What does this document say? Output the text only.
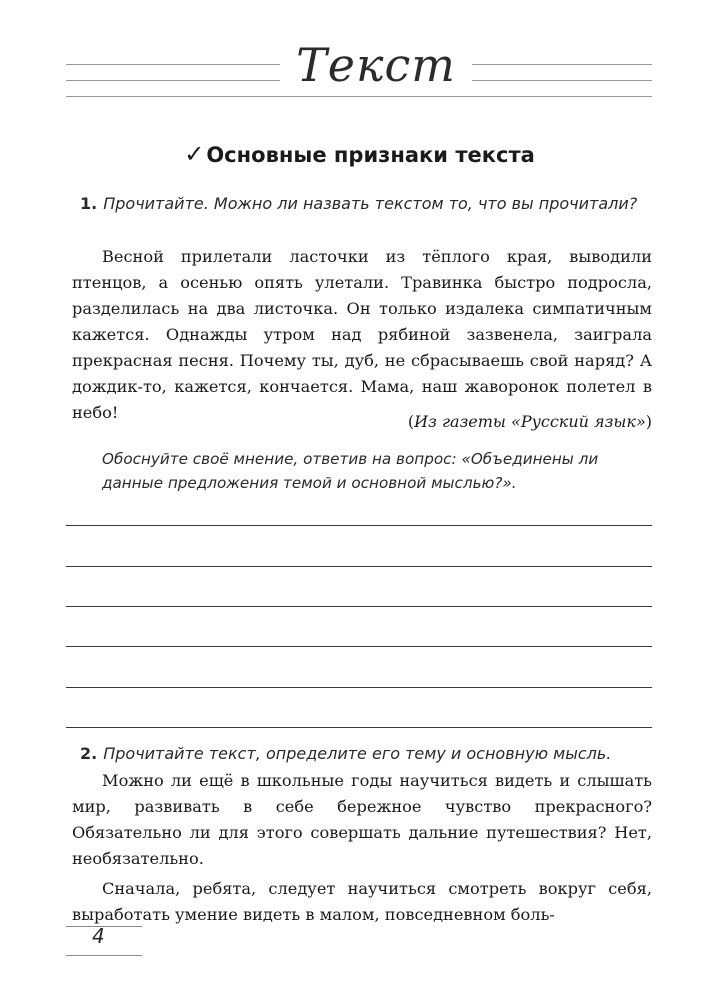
Текст
✓Основные признаки текста
1. Прочитайте. Можно ли назвать текстом то, что вы прочитали?

Весной прилетали ласточки из тёплого края, выводили птенцов, а осенью опять улетали. Травинка быстро подросла, разделилась на два листочка. Он только издалека симпатичным кажется. Однажды утром над рябиной зазвенела, заиграла прекрасная песня. Почему ты, дуб, не сбрасываешь свой наряд? А дождик-то, кажется, кончается. Мама, наш жаворонок полетел в небо!	(Из газеты «Русский язык»)
Обоснуйте своё мнение, ответив на вопрос: «Объединены ли данные предложения темой и основной мыслью?».
2. Прочитайте текст, определите его тему и основную мысль.

Можно ли ещё в школьные годы научиться видеть и слышать мир, развивать в себе бережное чувство прекрасного? Обязательно ли для этого совершать дальние путешествия? Нет, необязательно.

Сначала, ребята, следует научиться смотреть вокруг себя, выработать умение видеть в малом, повседневном боль-

4
